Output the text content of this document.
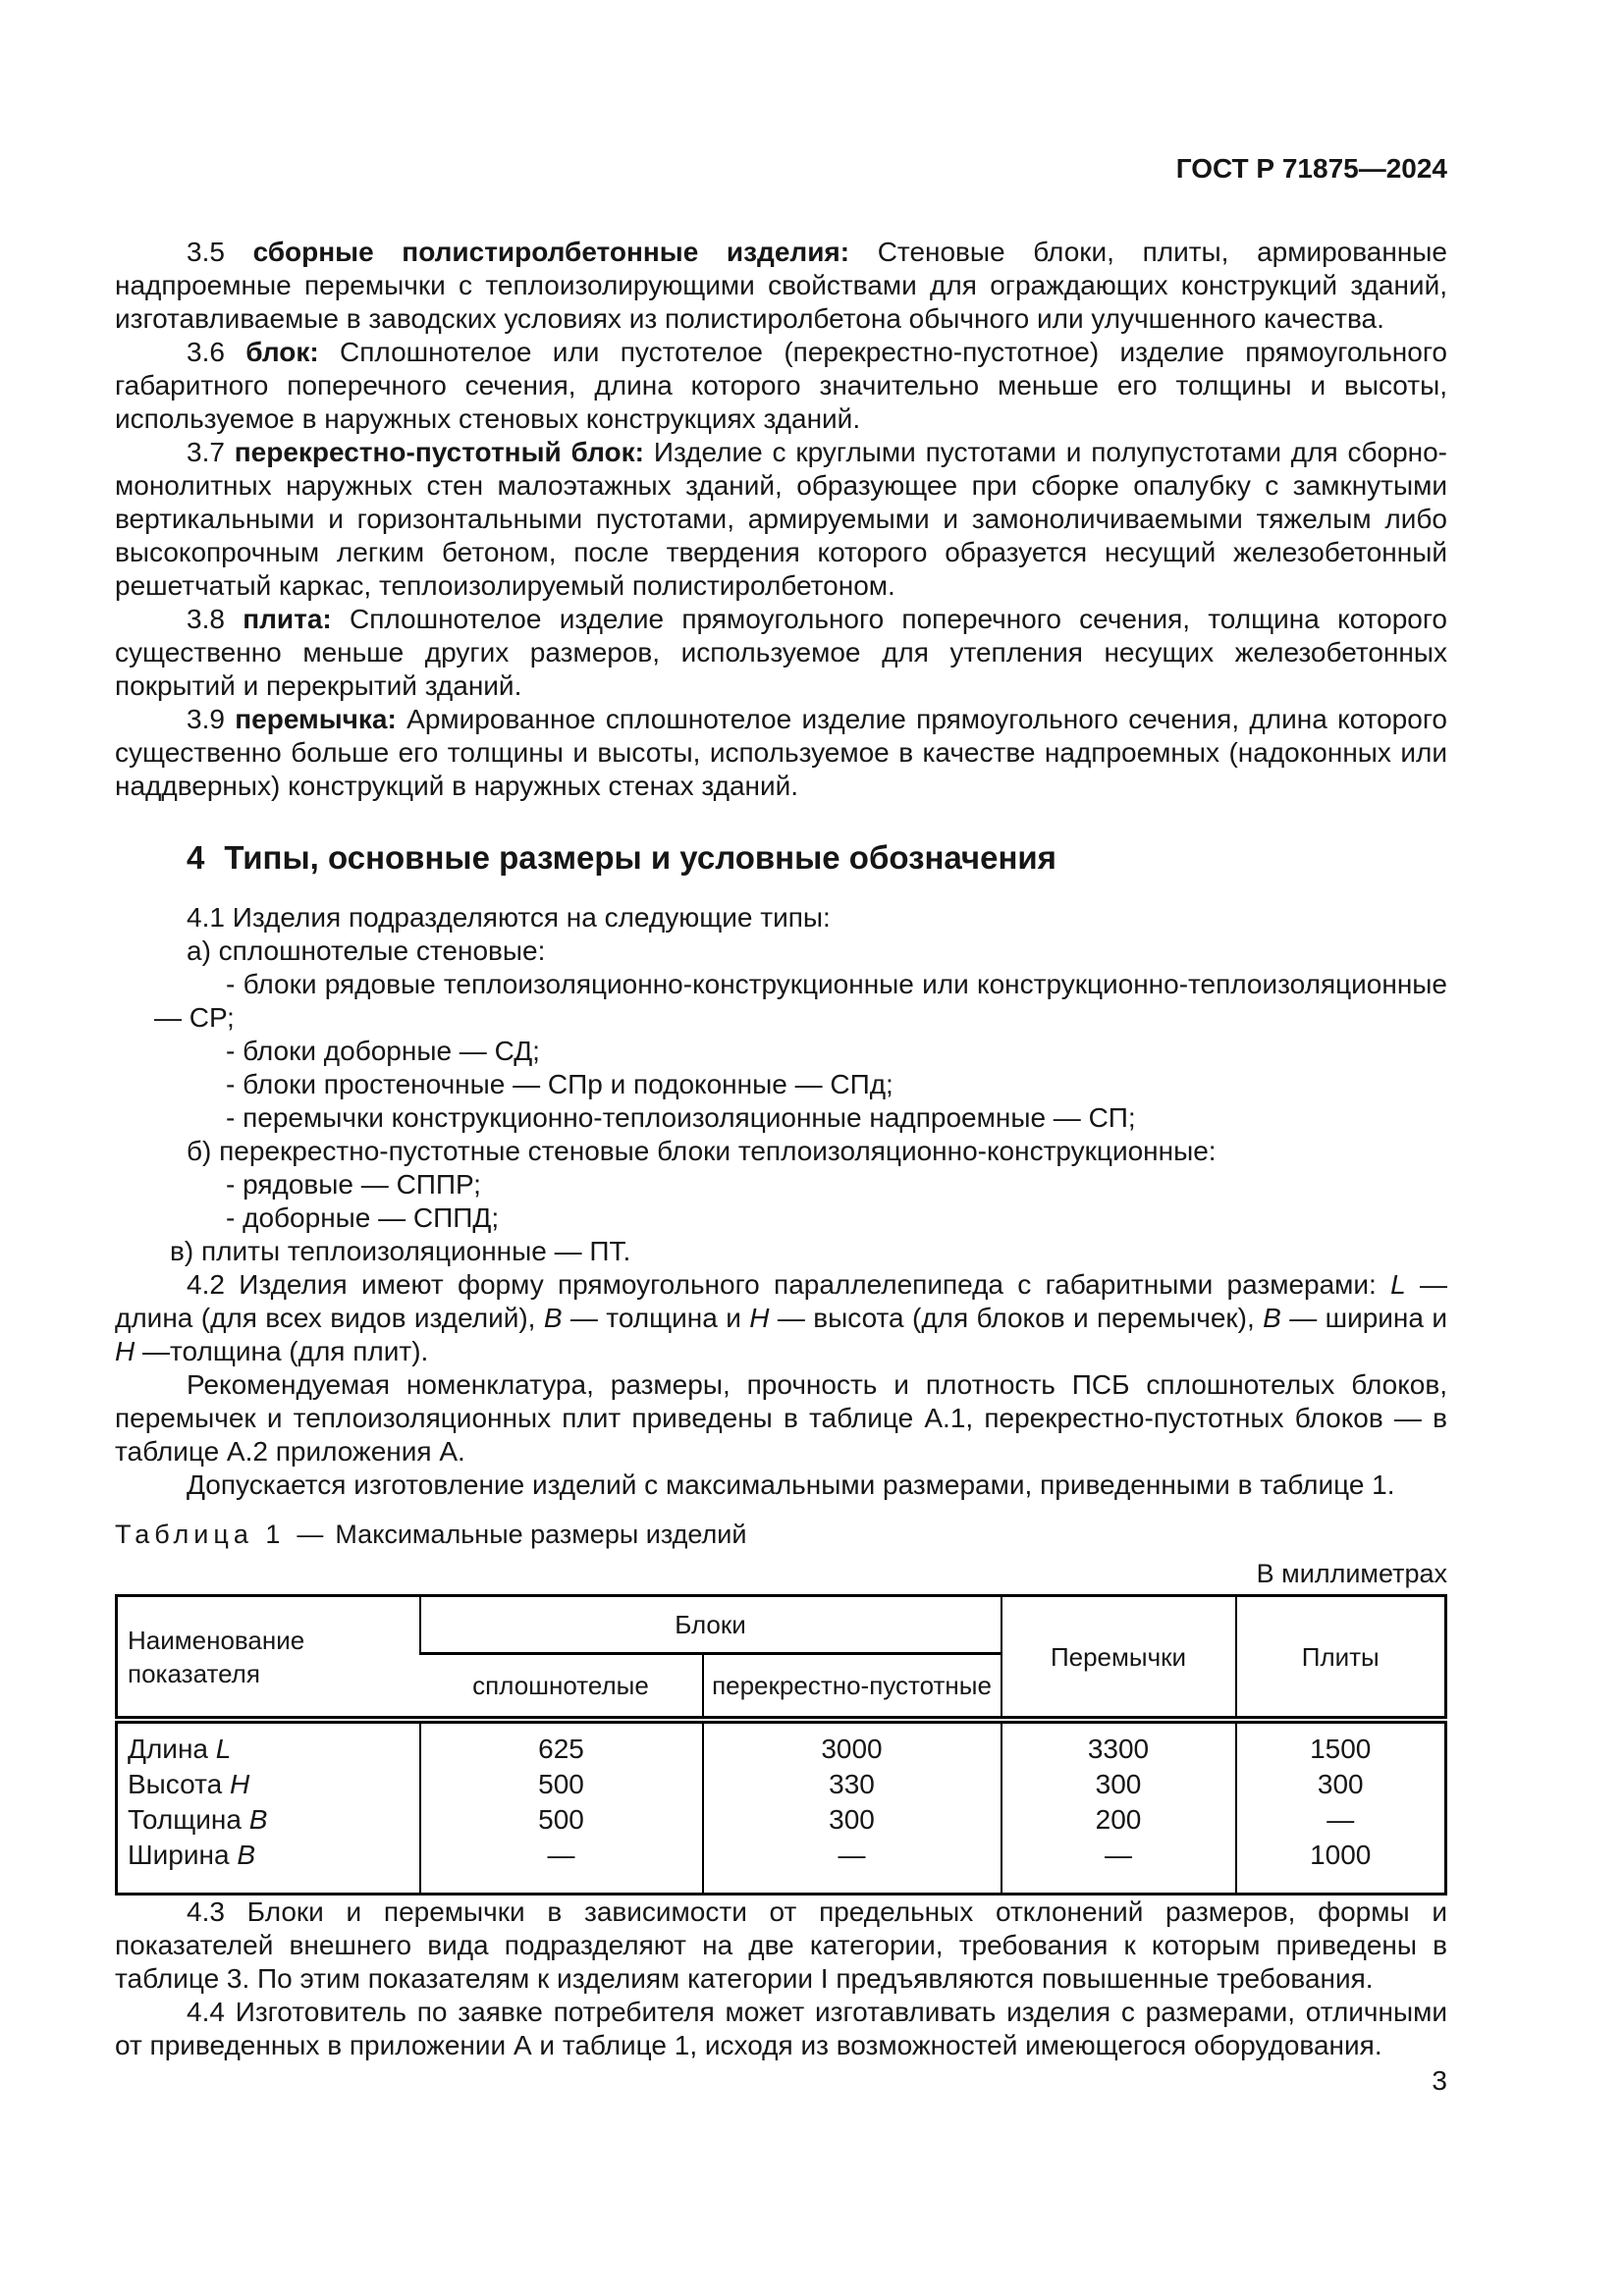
ГОСТ Р 71875—2024

3.5 сборные полистиролбетонные изделия: Стеновые блоки, плиты, армированные надпроемные перемычки с теплоизолирующими свойствами для ограждающих конструкций зданий, изготавливаемые в заводских условиях из полистиролбетона обычного или улучшенного качества.

3.6 блок: Сплошнотелое или пустотелое (перекрестно-пустотное) изделие прямоугольного габаритного поперечного сечения, длина которого значительно меньше его толщины и высоты, используемое в наружных стеновых конструкциях зданий.

3.7 перекрестно-пустотный блок: Изделие с круглыми пустотами и полупустотами для сборно-монолитных наружных стен малоэтажных зданий, образующее при сборке опалубку с замкнутыми вертикальными и горизонтальными пустотами, армируемыми и замоноличиваемыми тяжелым либо высокопрочным легким бетоном, после твердения которого образуется несущий железобетонный решетчатый каркас, теплоизолируемый полистиролбетоном.

3.8 плита: Сплошнотелое изделие прямоугольного поперечного сечения, толщина которого существенно меньше других размеров, используемое для утепления несущих железобетонных покрытий и перекрытий зданий.

3.9 перемычка: Армированное сплошнотелое изделие прямоугольного сечения, длина которого существенно больше его толщины и высоты, используемое в качестве надпроемных (надоконных или наддверных) конструкций в наружных стенах зданий.

4 Типы, основные размеры и условные обозначения

4.1 Изделия подразделяются на следующие типы:

а) сплошнотелые стеновые:
- блоки рядовые теплоизоляционно-конструкционные или конструкционно-теплоизоляционные — СР;
- блоки доборные — СД;
- блоки простеночные — СПр и подоконные — СПд;
- перемычки конструкционно-теплоизоляционные надпроемные — СП;
б) перекрестно-пустотные стеновые блоки теплоизоляционно-конструкционные:
- рядовые — СППР;
- доборные — СППД;
в) плиты теплоизоляционные — ПТ.

4.2 Изделия имеют форму прямоугольного параллелепипеда с габаритными размерами: L — длина (для всех видов изделий), В — толщина и Н — высота (для блоков и перемычек), В — ширина и Н —толщина (для плит).

Рекомендуемая номенклатура, размеры, прочность и плотность ПСБ сплошнотелых блоков, перемычек и теплоизоляционных плит приведены в таблице А.1, перекрестно-пустотных блоков — в таблице А.2 приложения А.

Допускается изготовление изделий с максимальными размерами, приведенными в таблице 1.

Таблица 1 — Максимальные размеры изделий
В миллиметрах
Наименование показателя	Блоки		Перемычки	Плиты
	сплошнотелые	перекрестно-пустотные		
Длина L	625	3000	3300	1500
Высота Н	500	330	300	300
Толщина В	500	300	200	—
Ширина В	—	—	—	1000

4.3 Блоки и перемычки в зависимости от предельных отклонений размеров, формы и показателей внешнего вида подразделяют на две категории, требования к которым приведены в таблице 3. По этим показателям к изделиям категории I предъявляются повышенные требования.

4.4 Изготовитель по заявке потребителя может изготавливать изделия с размерами, отличными от приведенных в приложении А и таблице 1, исходя из возможностей имеющегося оборудования.

3
